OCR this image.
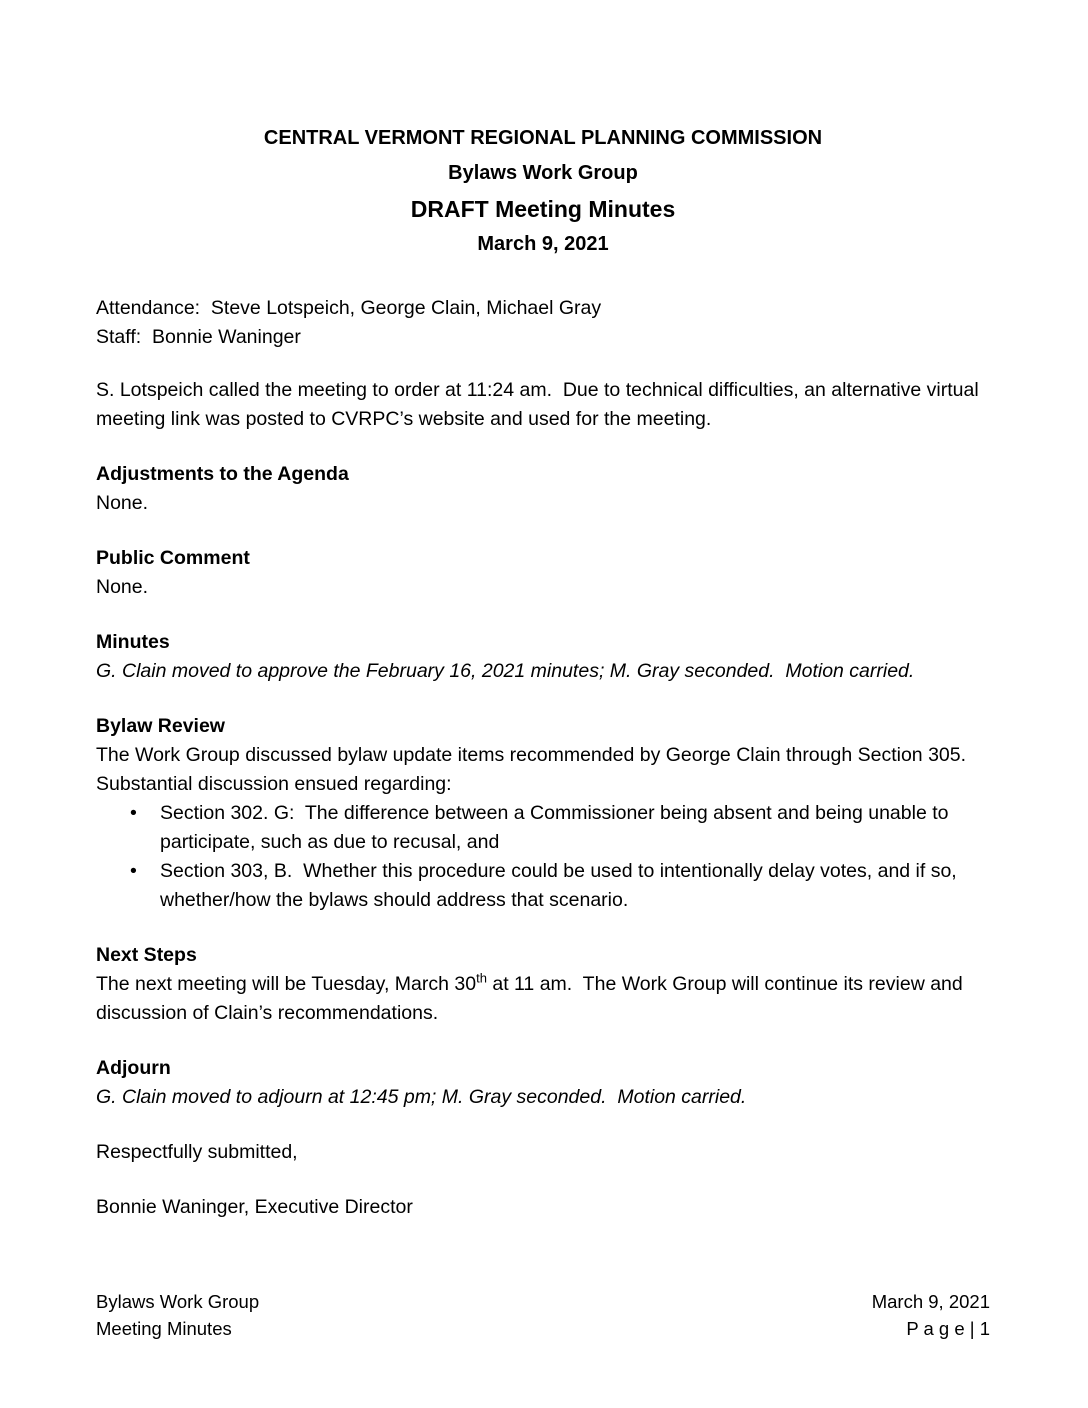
CENTRAL VERMONT REGIONAL PLANNING COMMISSION
Bylaws Work Group
DRAFT Meeting Minutes
March 9, 2021

Attendance:  Steve Lotspeich, George Clain, Michael Gray

Staff:  Bonnie Waninger

S. Lotspeich called the meeting to order at 11:24 am.  Due to technical difficulties, an alternative virtual meeting link was posted to CVRPC’s website and used for the meeting.

Adjustments to the Agenda

None.

Public Comment

None.

Minutes

G. Clain moved to approve the February 16, 2021 minutes; M. Gray seconded.  Motion carried.

Bylaw Review

The Work Group discussed bylaw update items recommended by George Clain through Section 305.  Substantial discussion ensued regarding:

• Section 302. G:  The difference between a Commissioner being absent and being unable to participate, such as due to recusal, and
• Section 303, B.  Whether this procedure could be used to intentionally delay votes, and if so, whether/how the bylaws should address that scenario.
Next Steps

The next meeting will be Tuesday, March 30th at 11 am.  The Work Group will continue its review and discussion of Clain’s recommendations.

Adjourn

G. Clain moved to adjourn at 12:45 pm; M. Gray seconded.  Motion carried.

Respectfully submitted,

Bonnie Waninger, Executive Director

Bylaws Work Group
Meeting Minutes
March 9, 2021
P a g e | 1
